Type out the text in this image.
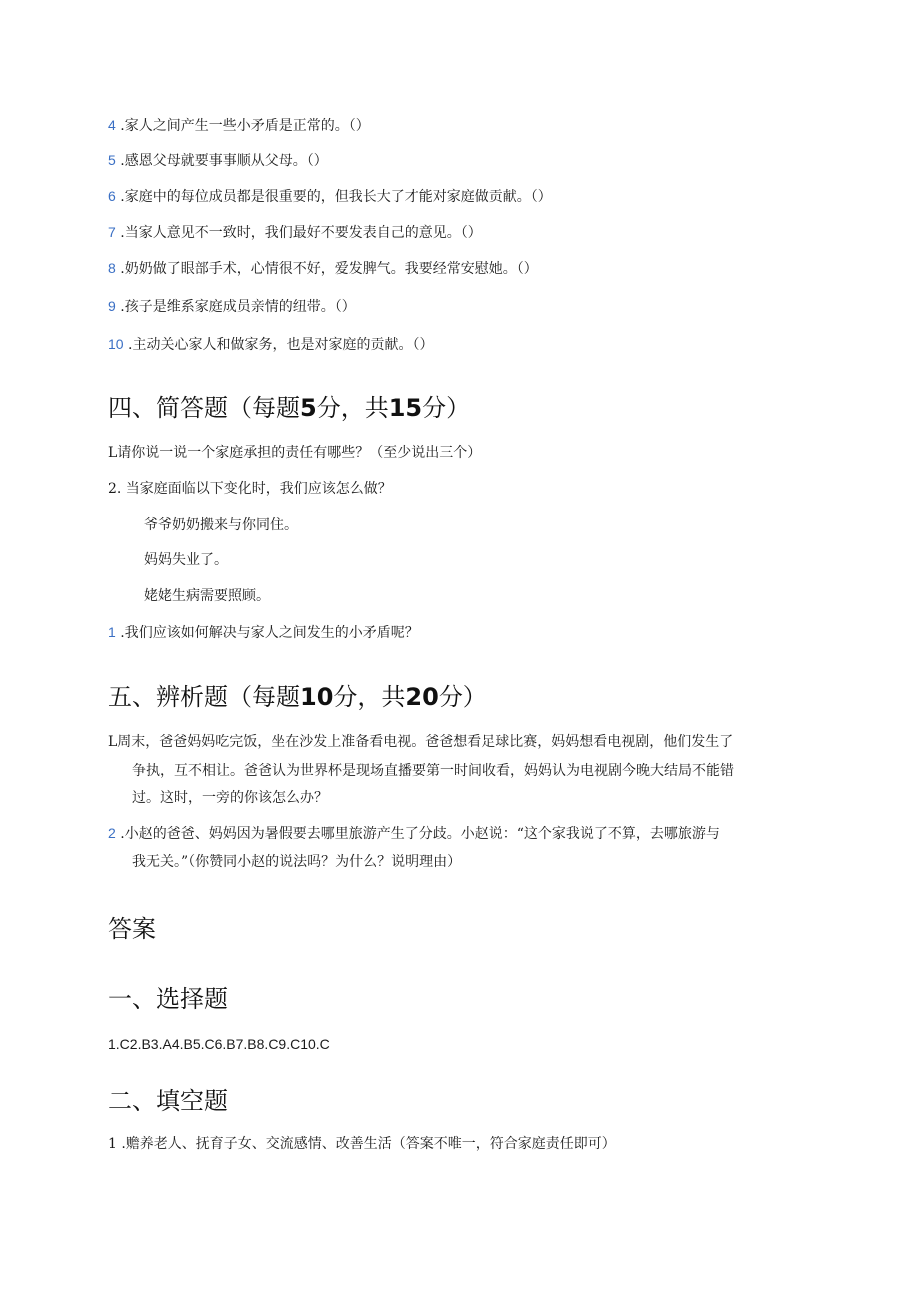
4 .家人之间产生一些小矛盾是正常的。（）
5 .感恩父母就要事事顺从父母。（）
6 .家庭中的每位成员都是很重要的，但我长大了才能对家庭做贡献。（）
7 .当家人意见不一致时，我们最好不要发表自己的意见。（）
8 .奶奶做了眼部手术，心情很不好，爱发脾气。我要经常安慰她。（）
9 .孩子是维系家庭成员亲情的纽带。（）
10 .主动关心家人和做家务，也是对家庭的贡献。（）
四、简答题（每题5分，共15分）
L请你说一说一个家庭承担的责任有哪些？（至少说出三个）
2. 当家庭面临以下变化时，我们应该怎么做？
爷爷奶奶搬来与你同住。
妈妈失业了。
姥姥生病需要照顾。
1 .我们应该如何解决与家人之间发生的小矛盾呢？
五、辨析题（每题10分，共20分）
L周末，爸爸妈妈吃完饭，坐在沙发上准备看电视。爸爸想看足球比赛，妈妈想看电视剧，他们发生了
争执，互不相让。爸爸认为世界杯是现场直播要第一时间收看，妈妈认为电视剧今晚大结局不能错
过。这时，一旁的你该怎么办？
2 .小赵的爸爸、妈妈因为暑假要去哪里旅游产生了分歧。小赵说：“这个家我说了不算，去哪旅游与
我无关。”（你赞同小赵的说法吗？为什么？说明理由）
答案
一、选择题
1.C2.B3.A4.B5.C6.B7.B8.C9.C10.C
二、填空题
1 .赡养老人、抚育子女、交流感情、改善生活（答案不唯一，符合家庭责任即可）
